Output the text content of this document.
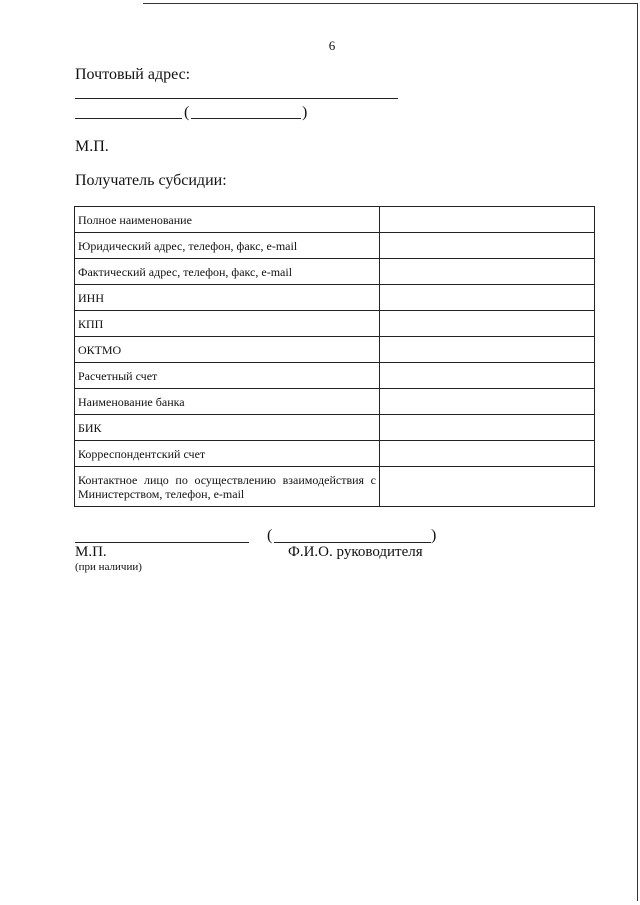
6
Почтовый адрес:
(	)
М.П.
Получатель субсидии:
Полное наименование	
Юридический адрес, телефон, факс, e-mail	
Фактический адрес, телефон, факс, e-mail	
ИНН	
КПП	
ОКТМО	
Расчетный счет	
Наименование банка	
БИК	
Корреспондентский счет	
Контактное лицо по осуществлению взаимодействия с Министерством, телефон, e-mail	
(	)
М.П.
(при наличии)
Ф.И.О. руководителя
